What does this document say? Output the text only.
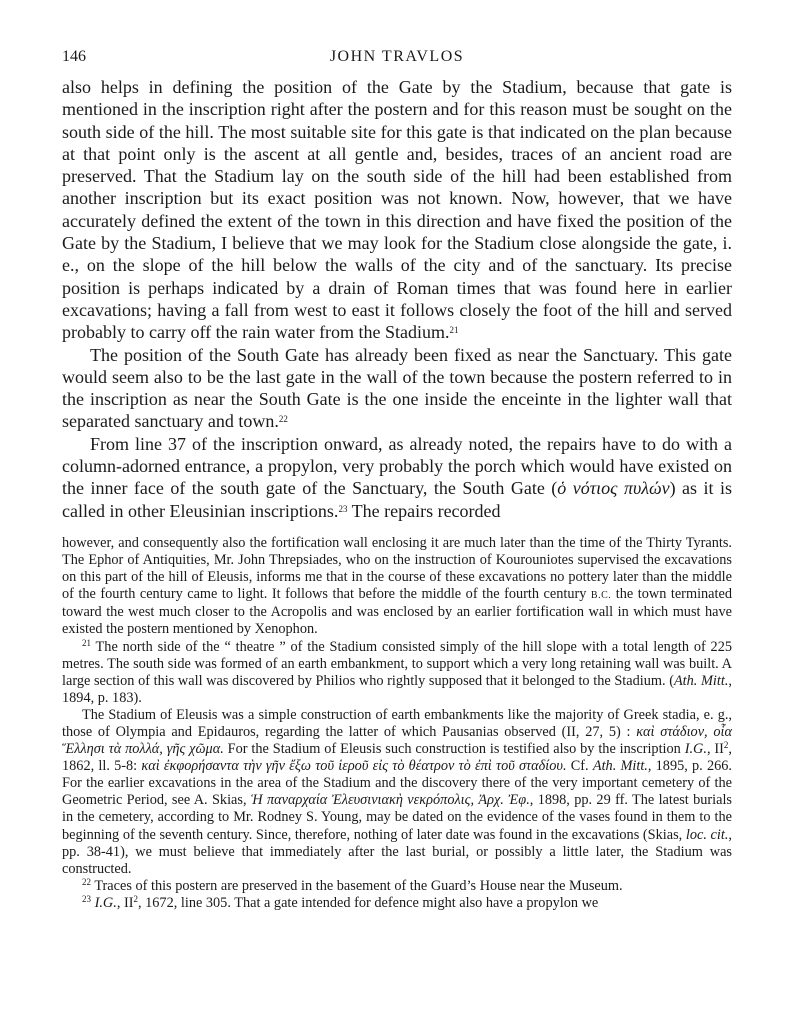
146	JOHN TRAVLOS

also helps in defining the position of the Gate by the Stadium, because that gate is mentioned in the inscription right after the postern and for this reason must be sought on the south side of the hill. The most suitable site for this gate is that indicated on the plan because at that point only is the ascent at all gentle and, besides, traces of an ancient road are preserved. That the Stadium lay on the south side of the hill had been established from another inscription but its exact position was not known. Now, however, that we have accurately defined the extent of the town in this direction and have fixed the position of the Gate by the Stadium, I believe that we may look for the Stadium close alongside the gate, i. e., on the slope of the hill below the walls of the city and of the sanctuary. Its precise position is perhaps indicated by a drain of Roman times that was found here in earlier excavations; having a fall from west to east it follows closely the foot of the hill and served probably to carry off the rain water from the Stadium.$^{21}$

The position of the South Gate has already been fixed as near the Sanctuary. This gate would seem also to be the last gate in the wall of the town because the postern referred to in the inscription as near the South Gate is the one inside the enceinte in the lighter wall that separated sanctuary and town.$^{22}$

From line 37 of the inscription onward, as already noted, the repairs have to do with a column-adorned entrance, a propylon, very probably the porch which would have existed on the inner face of the south gate of the Sanctuary, the South Gate (ὁ νότιος πυλών) as it is called in other Eleusinian inscriptions.$^{23}$ The repairs recorded

however, and consequently also the fortification wall enclosing it are much later than the time of the Thirty Tyrants. The Ephor of Antiquities, Mr. John Threpsiades, who on the instruction of Kourouniotes supervised the excavations on this part of the hill of Eleusis, informs me that in the course of these excavations no pottery later than the middle of the fourth century came to light. It follows that before the middle of the fourth century B.C. the town terminated toward the west much closer to the Acropolis and was enclosed by an earlier fortification wall in which must have existed the postern mentioned by Xenophon.

$^{21}$ The north side of the “ theatre ” of the Stadium consisted simply of the hill slope with a total length of 225 metres. The south side was formed of an earth embankment, to support which a very long retaining wall was built. A large section of this wall was discovered by Philios who rightly supposed that it belonged to the Stadium. (Ath. Mitt., 1894, p. 183).

The Stadium of Eleusis was a simple construction of earth embankments like the majority of Greek stadia, e. g., those of Olympia and Epidauros, regarding the latter of which Pausanias observed (II, 27, 5) : καὶ στάδιον, οἷα Ἕλλησι τὰ πολλά, γῆς χῶμα. For the Stadium of Eleusis such construction is testified also by the inscription I.G., $II^2$, 1862, ll. 5-8: καὶ ἐκφορήσαντα τὴν γῆν ἔξω τοῦ ἱεροῦ εἰς τὸ θέατρον τὸ ἐπὶ τοῦ σταδίου. Cf. Ath. Mitt., 1895, p. 266. For the earlier excavations in the area of the Stadium and the discovery there of the very important cemetery of the Geometric Period, see A. Skias, Ἡ παναρχαία Ἐλευσινιακὴ νεκρόπολις, Ἀρχ. Ἐφ., 1898, pp. 29 ff. The latest burials in the cemetery, according to Mr. Rodney S. Young, may be dated on the evidence of the vases found in them to the beginning of the seventh century. Since, therefore, nothing of later date was found in the excavations (Skias, loc. cit., pp. 38-41), we must believe that immediately after the last burial, or possibly a little later, the Stadium was constructed.

$^{22}$ Traces of this postern are preserved in the basement of the Guard’s House near the Museum.

$^{23}$ I.G., $II^2$, 1672, line 305. That a gate intended for defence might also have a propylon we
